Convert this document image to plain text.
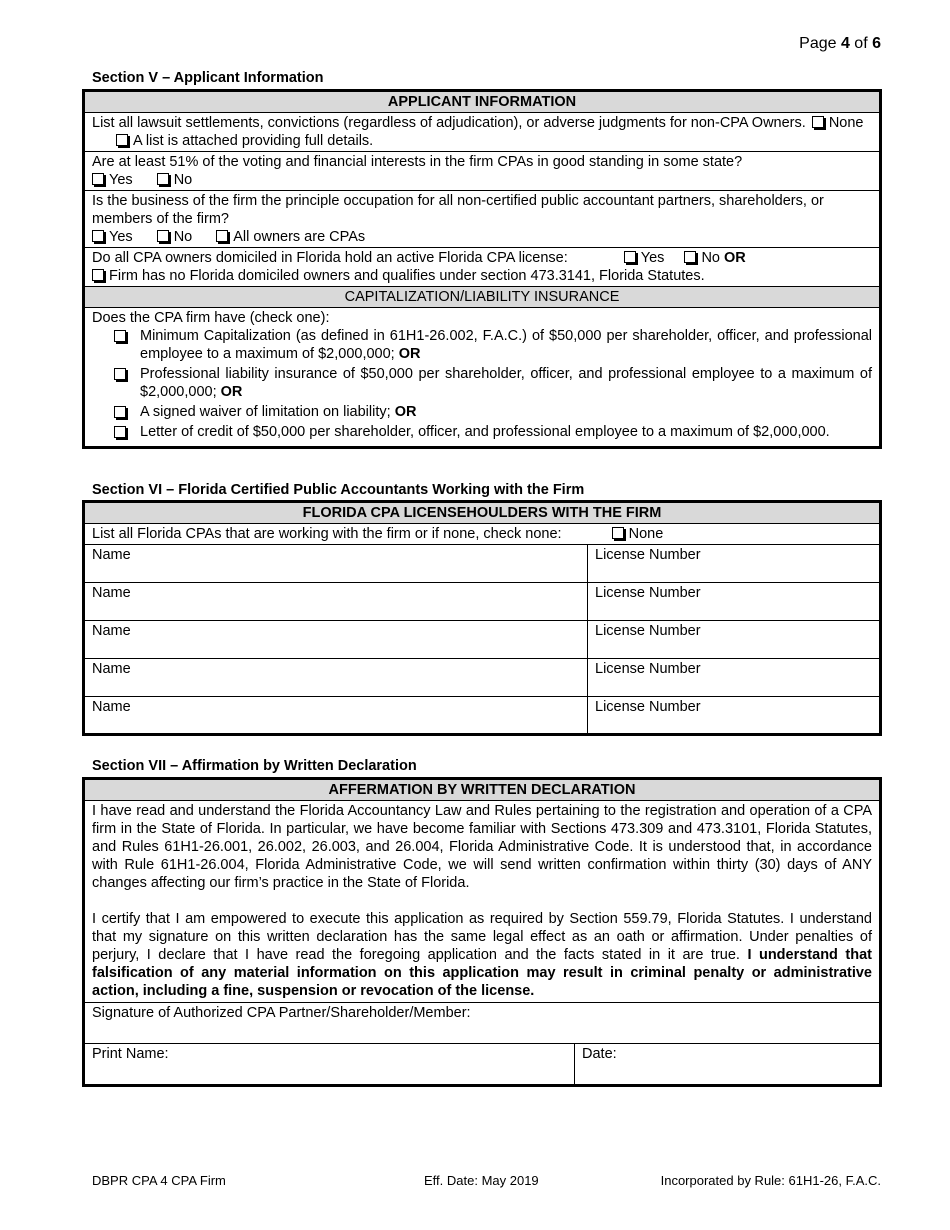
Page 4 of 6
Section V – Applicant Information
APPLICANT INFORMATION
List all lawsuit settlements, convictions (regardless of adjudication), or adverse judgments for non-CPA Owners. None A list is attached providing full details.

Are at least 51% of the voting and financial interests in the firm CPAs in good standing in some state?
Yes	No

Is the business of the firm the principle occupation for all non-certified public accountant partners, shareholders, or members of the firm?
Yes	No	All owners are CPAs

Do all CPA owners domiciled in Florida hold an active Florida CPA license:	Yes	No OR
Firm has no Florida domiciled owners and qualifies under section 473.3141, Florida Statutes.

CAPITALIZATION/LIABILITY INSURANCE

Does the CPA firm have (check one):
Minimum Capitalization (as defined in 61H1-26.002, F.A.C.) of $50,000 per shareholder, officer, and professional employee to a maximum of $2,000,000; OR
Professional liability insurance of $50,000 per shareholder, officer, and professional employee to a maximum of $2,000,000; OR
A signed waiver of limitation on liability; OR
Letter of credit of $50,000 per shareholder, officer, and professional employee to a maximum of $2,000,000.
Section VI – Florida Certified Public Accountants Working with the Firm
FLORIDA CPA LICENSEHOULDERS WITH THE FIRM	
List all Florida CPAs that are working with the firm or if none, check none: None	
Name	License Number
Name	License Number
Name	License Number
Name	License Number
Name	License Number
Section VII – Affirmation by Written Declaration
AFFERMATION BY WRITTEN DECLARATION

I have read and understand the Florida Accountancy Law and Rules pertaining to the registration and operation of a CPA firm in the State of Florida. In particular, we have become familiar with Sections 473.309 and 473.3101, Florida Statutes, and Rules 61H1-26.001, 26.002, 26.003, and 26.004, Florida Administrative Code. It is understood that, in accordance with Rule 61H1-26.004, Florida Administrative Code, we will send written confirmation within thirty (30) days of ANY changes affecting our firm’s practice in the State of Florida.
I certify that I am empowered to execute this application as required by Section 559.79, Florida Statutes. I understand that my signature on this written declaration has the same legal effect as an oath or affirmation. Under penalties of perjury, I declare that I have read the foregoing application and the facts stated in it are true. I understand that falsification of any material information on this application may result in criminal penalty or administrative action, including a fine, suspension or revocation of the license.

Signature of Authorized CPA Partner/Shareholder/Member:
Print Name:	Date:
DBPR CPA 4 CPA Firm	Eff. Date: May 2019	Incorporated by Rule: 61H1-26, F.A.C.
